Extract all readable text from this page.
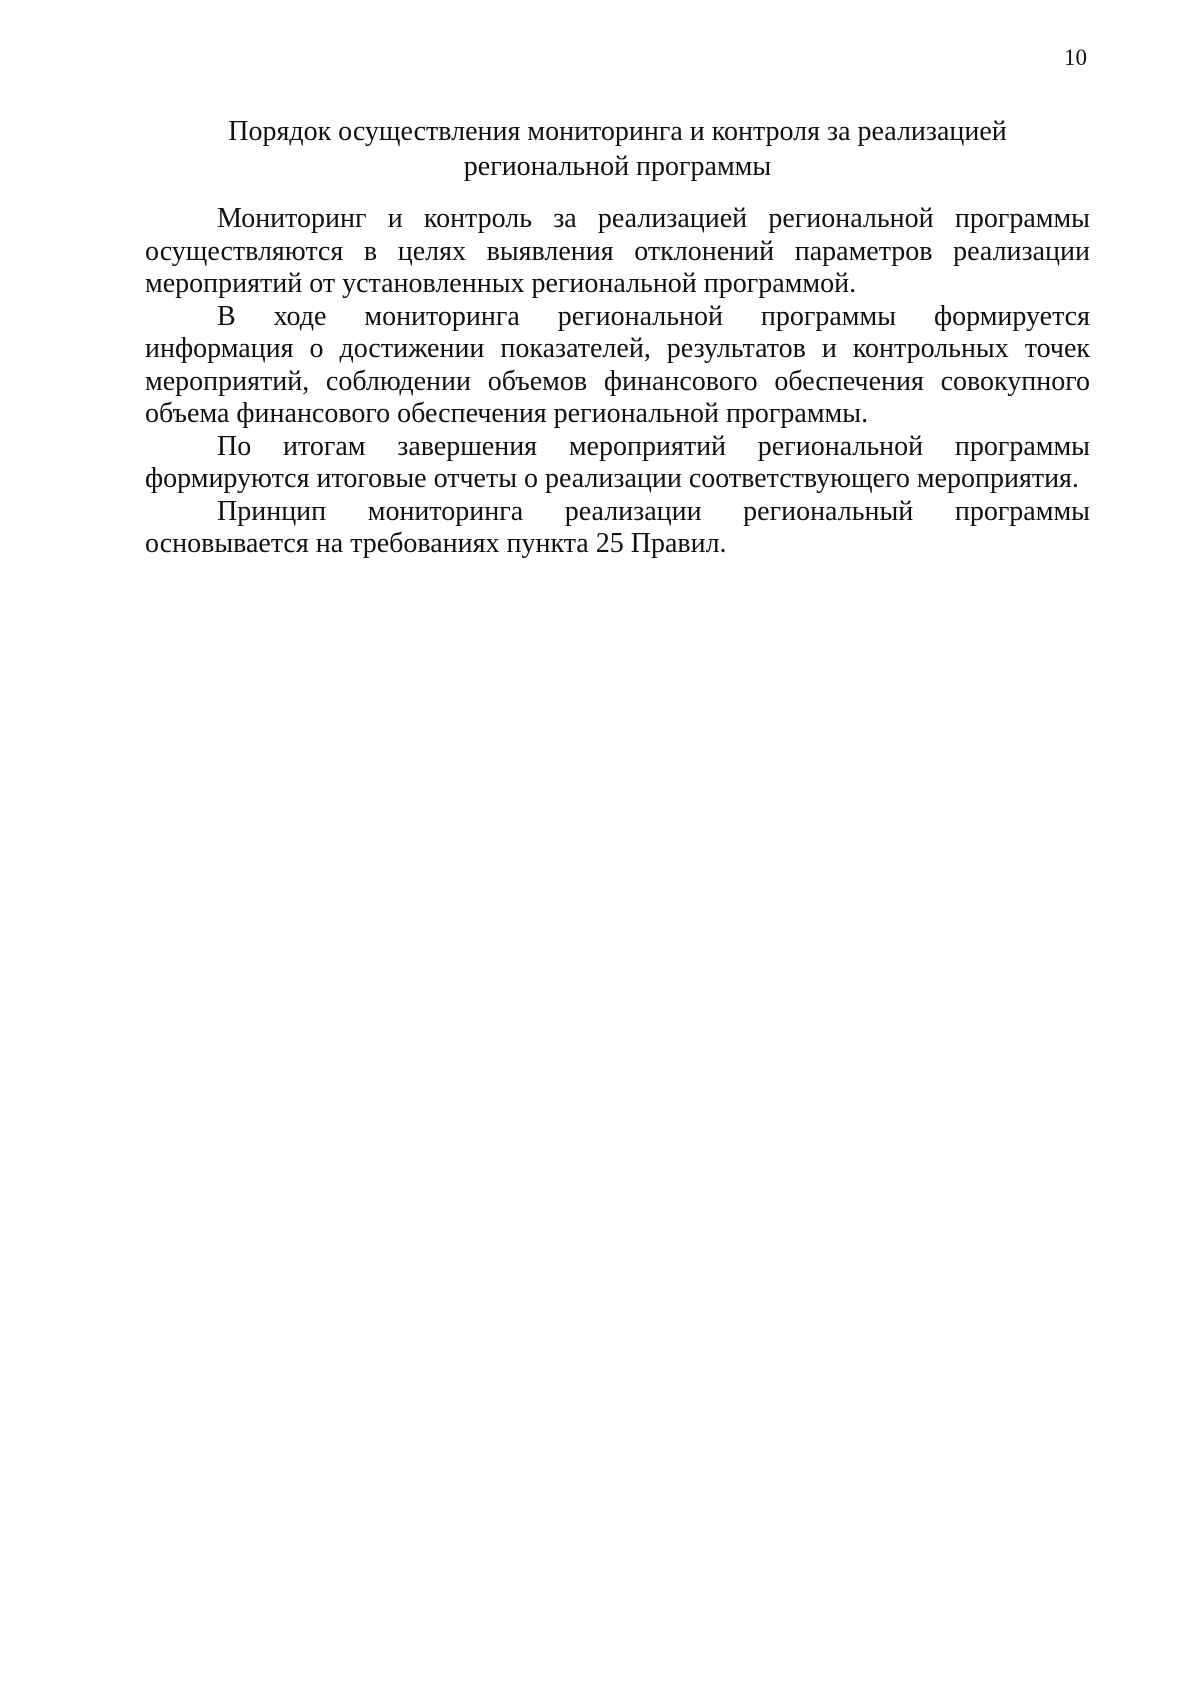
10
Порядок осуществления мониторинга и контроля за реализацией
региональной программы

Мониторинг и контроль за реализацией региональной программы осуществляются в целях выявления отклонений параметров реализации мероприятий от установленных региональной программой.

В ходе мониторинга региональной программы формируется информация о достижении показателей, результатов и контрольных точек мероприятий, соблюдении объемов финансового обеспечения совокупного объема финансового обеспечения региональной программы.

По итогам завершения мероприятий региональной программы формируются итоговые отчеты о реализации соответствующего мероприятия.

Принцип мониторинга реализации региональный программы основывается на требованиях пункта 25 Правил.
